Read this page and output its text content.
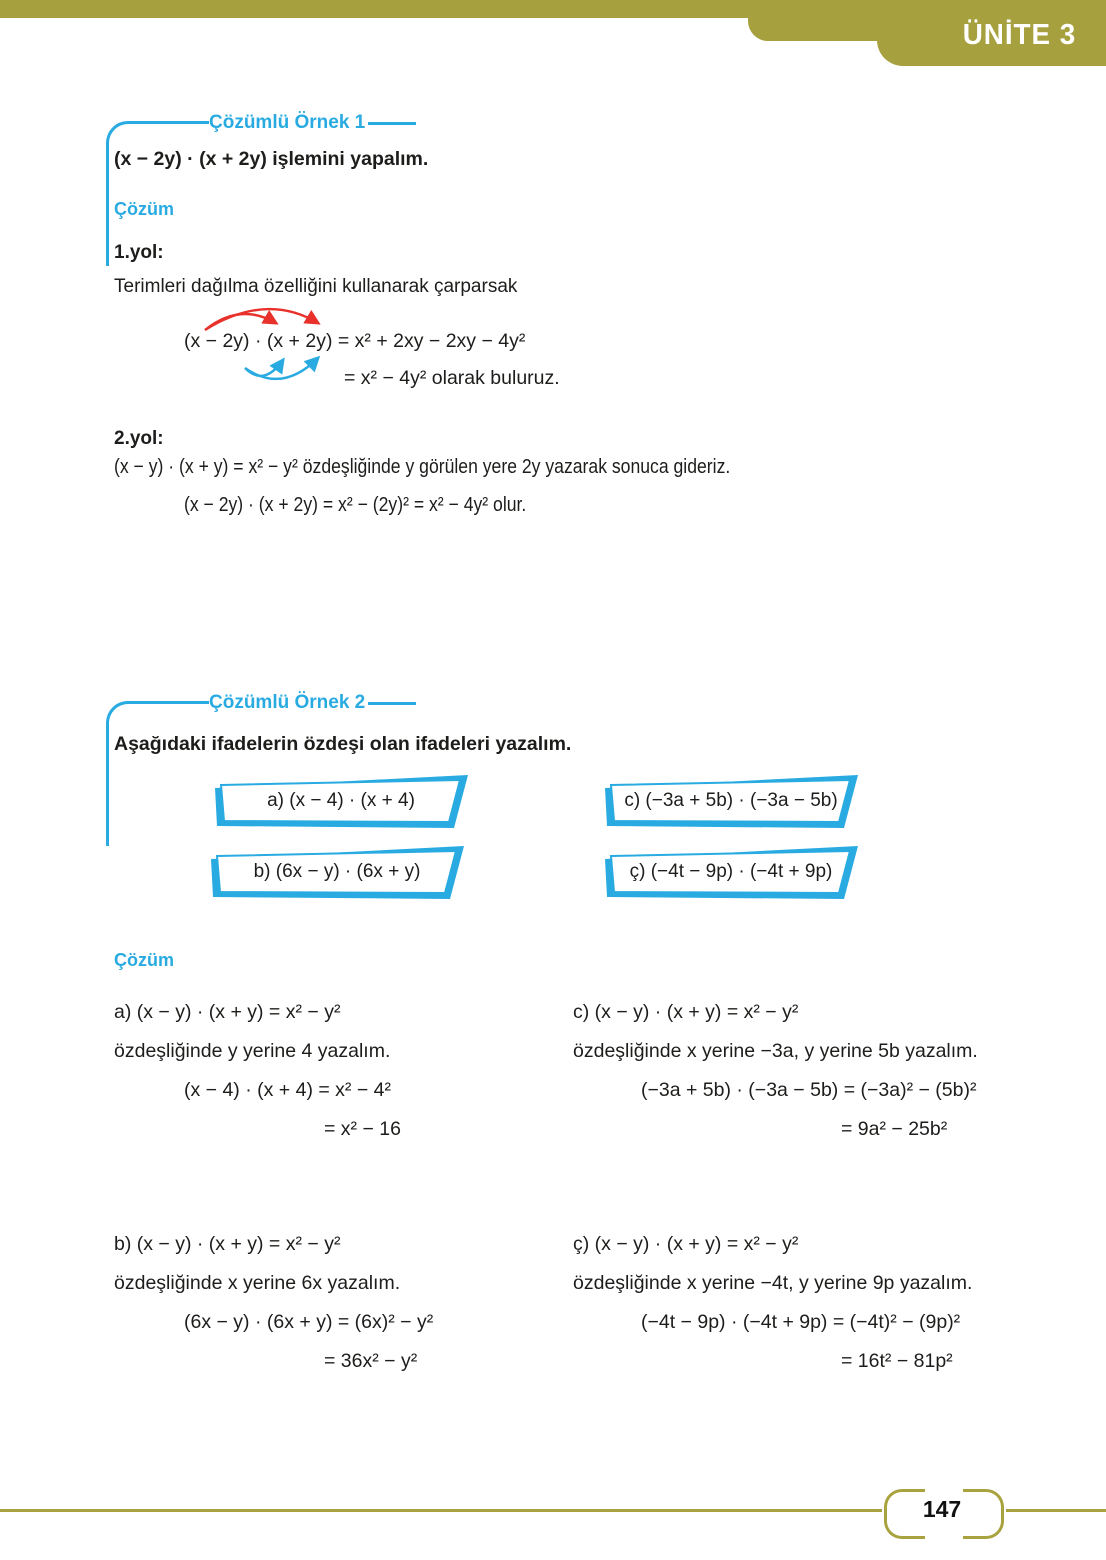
ÜNİTE 3
Çözümlü Örnek 1
(x − 2y) · (x + 2y) işlemini yapalım.
Çözüm
1.yol:
Terimleri dağılma özelliğini kullanarak çarparsak
(x − 2y) · (x + 2y) = x² + 2xy − 2xy − 4y²
= x² − 4y² olarak buluruz.
2.yol:
(x − y) · (x + y) = x² − y² özdeşliğinde y görülen yere 2y yazarak sonuca gideriz.
(x − 2y) · (x + 2y) = x² − (2y)² = x² − 4y² olur.
Çözümlü Örnek 2
Aşağıdaki ifadelerin özdeşi olan ifadeleri yazalım.
a) (x − 4) · (x + 4)	c) (−3a + 5b) · (−3a − 5b)
b) (6x − y) · (6x + y)	ç) (−4t − 9p) · (−4t + 9p)
Çözüm
a) (x − y) · (x + y) = x² − y²
özdeşliğinde y yerine 4 yazalım.
(x − 4) · (x + 4) = x² − 4²
= x² − 16
c) (x − y) · (x + y) = x² − y²
özdeşliğinde x yerine −3a, y yerine 5b yazalım.
(−3a + 5b) · (−3a − 5b) = (−3a)² − (5b)²
= 9a² − 25b²
b) (x − y) · (x + y) = x² − y²
özdeşliğinde x yerine 6x yazalım.
(6x − y) · (6x + y) = (6x)² − y²
= 36x² − y²
ç) (x − y) · (x + y) = x² − y²
özdeşliğinde x yerine −4t, y yerine 9p yazalım.
(−4t − 9p) · (−4t + 9p) = (−4t)² − (9p)²
= 16t² − 81p²
147
